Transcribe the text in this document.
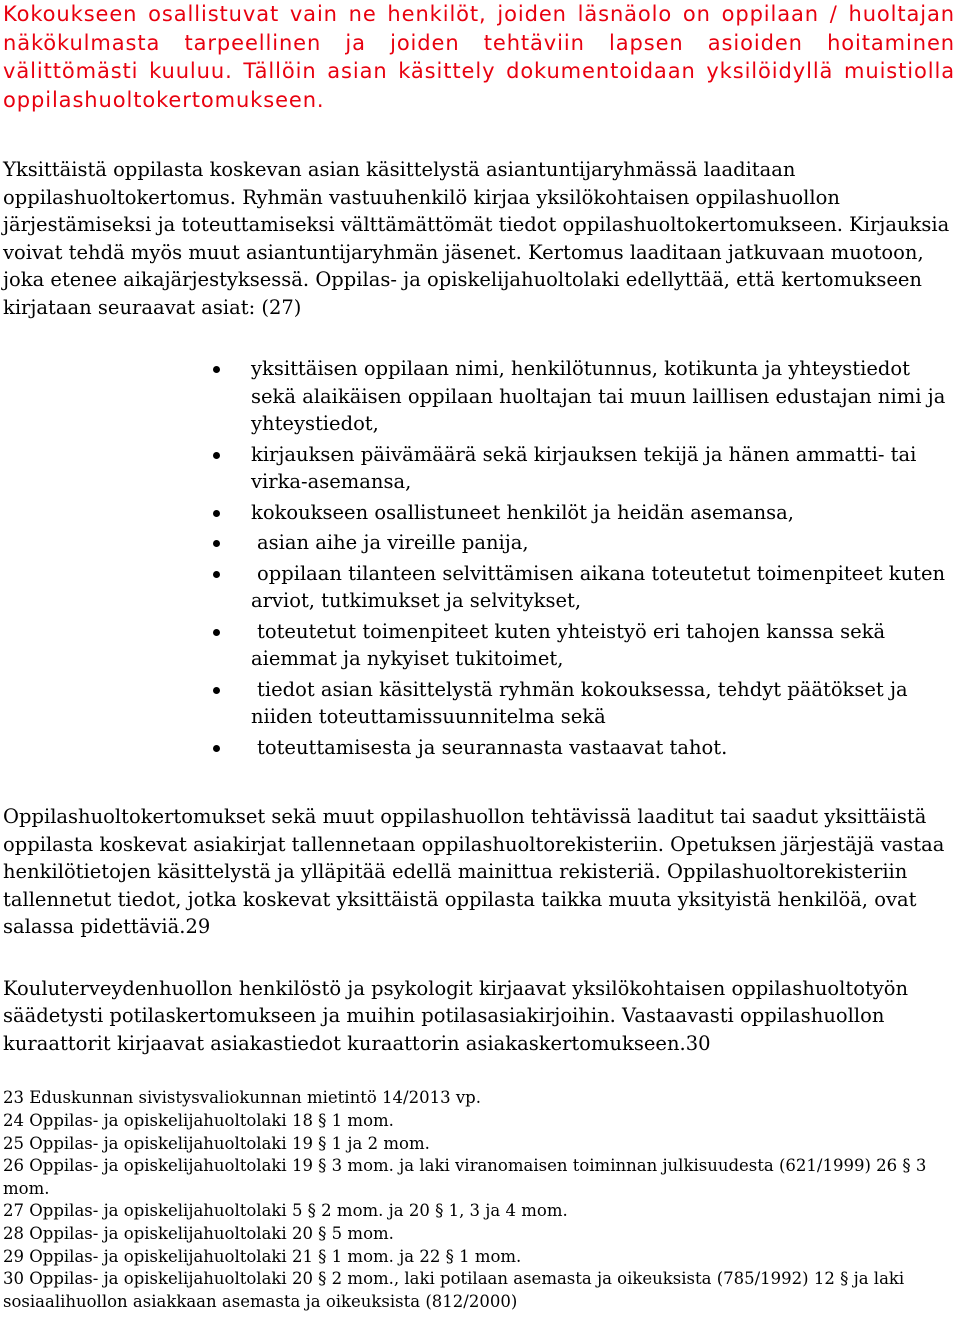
Kokoukseen osallistuvat vain ne henkilöt, joiden läsnäolo on oppilaan / huoltajan näkökulmasta tarpeellinen ja joiden tehtäviin lapsen asioiden hoitaminen välittömästi kuuluu. Tällöin asian käsittely dokumentoidaan yksilöidyllä muistiolla oppilashuoltokertomukseen.

Yksittäistä oppilasta koskevan asian käsittelystä asiantuntijaryhmässä laaditaan oppilashuoltokertomus. Ryhmän vastuuhenkilö kirjaa yksilökohtaisen oppilashuollon järjestämiseksi ja toteuttamiseksi välttämättömät tiedot oppilashuoltokertomukseen. Kirjauksia voivat tehdä myös muut asiantuntijaryhmän jäsenet. Kertomus laaditaan jatkuvaan muotoon, joka etenee aikajärjestyksessä. Oppilas- ja opiskelijahuoltolaki edellyttää, että kertomukseen kirjataan seuraavat asiat: (27)

yksittäisen oppilaan nimi, henkilötunnus, kotikunta ja yhteystiedot sekä alaikäisen oppilaan huoltajan tai muun laillisen edustajan nimi ja yhteystiedot,
kirjauksen päivämäärä sekä kirjauksen tekijä ja hänen ammatti- tai virka-asemansa,
kokoukseen osallistuneet henkilöt ja heidän asemansa,
asian aihe ja vireille panija,
oppilaan tilanteen selvittämisen aikana toteutetut toimenpiteet kuten arviot, tutkimukset ja selvitykset,
toteutetut toimenpiteet kuten yhteistyö eri tahojen kanssa sekä aiemmat ja nykyiset tukitoimet,
tiedot asian käsittelystä ryhmän kokouksessa, tehdyt päätökset ja niiden toteuttamissuunnitelma sekä
toteuttamisesta ja seurannasta vastaavat tahot.

Oppilashuoltokertomukset sekä muut oppilashuollon tehtävissä laaditut tai saadut yksittäistä oppilasta koskevat asiakirjat tallennetaan oppilashuoltorekisteriin. Opetuksen järjestäjä vastaa henkilötietojen käsittelystä ja ylläpitää edellä mainittua rekisteriä. Oppilashuoltorekisteriin tallennetut tiedot, jotka koskevat yksittäistä oppilasta taikka muuta yksityistä henkilöä, ovat salassa pidettäviä.29

Kouluterveydenhuollon henkilöstö ja psykologit kirjaavat yksilökohtaisen oppilashuoltotyön säädetysti potilaskertomukseen ja muihin potilasasiakirjoihin. Vastaavasti oppilashuollon kuraattorit kirjaavat asiakastiedot kuraattorin asiakaskertomukseen.30

23 Eduskunnan sivistysvaliokunnan mietintö 14/2013 vp.
24 Oppilas- ja opiskelijahuoltolaki 18 § 1 mom.
25 Oppilas- ja opiskelijahuoltolaki 19 § 1 ja 2 mom.
26 Oppilas- ja opiskelijahuoltolaki 19 § 3 mom. ja laki viranomaisen toiminnan julkisuudesta (621/1999) 26 § 3 mom.
27 Oppilas- ja opiskelijahuoltolaki 5 § 2 mom. ja 20 § 1, 3 ja 4 mom.
28 Oppilas- ja opiskelijahuoltolaki 20 § 5 mom.
29 Oppilas- ja opiskelijahuoltolaki 21 § 1 mom. ja 22 § 1 mom.
30 Oppilas- ja opiskelijahuoltolaki 20 § 2 mom., laki potilaan asemasta ja oikeuksista (785/1992) 12 § ja laki sosiaalihuollon asiakkaan asemasta ja oikeuksista (812/2000)
